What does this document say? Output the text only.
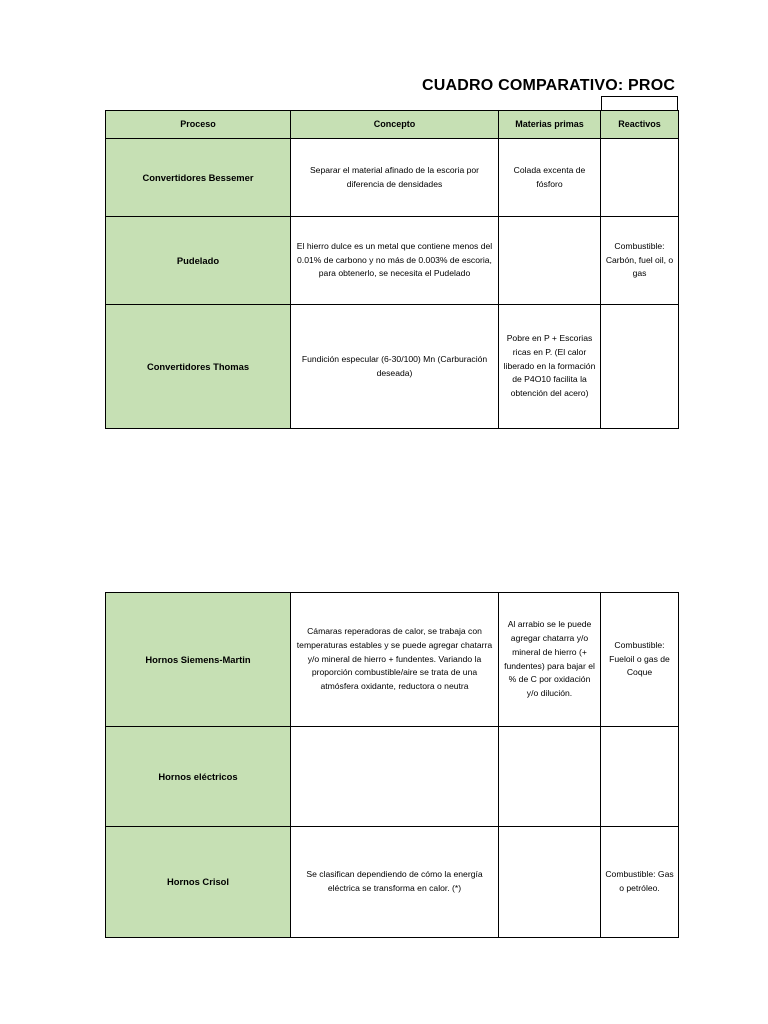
CUADRO COMPARATIVO: PROC
Proceso	Concepto	Materias primas	Reactivos
Convertidores Bessemer	Separar el material afinado de la escoria por diferencia de densidades	Colada excenta de fósforo	
Pudelado	El hierro dulce es un metal que contiene menos del 0.01% de carbono y no más de 0.003% de escoria, para obtenerlo, se necesita el Pudelado		Combustible: Carbón, fuel oil, o gas
Convertidores Thomas	Fundición especular (6-30/100) Mn (Carburación deseada)	Pobre en P + Escorias ricas en P. (El calor liberado en la formación de P4O10 facilita la obtención del acero)	
Hornos Siemens-Martin	Cámaras reperadoras de calor, se trabaja con temperaturas estables y se puede agregar chatarra y/o mineral de hierro + fundentes. Variando la proporción combustible/aire se trata de una atmósfera oxidante, reductora o neutra	Al arrabio se le puede agregar chatarra y/o mineral de hierro (+ fundentes) para bajar el % de C por oxidación y/o dilución.	Combustible: Fueloil o gas de Coque
Hornos eléctricos			
Hornos Crisol	Se clasifican dependiendo de cómo la energía eléctrica se transforma en calor. (*)		Combustible: Gas o petróleo.
